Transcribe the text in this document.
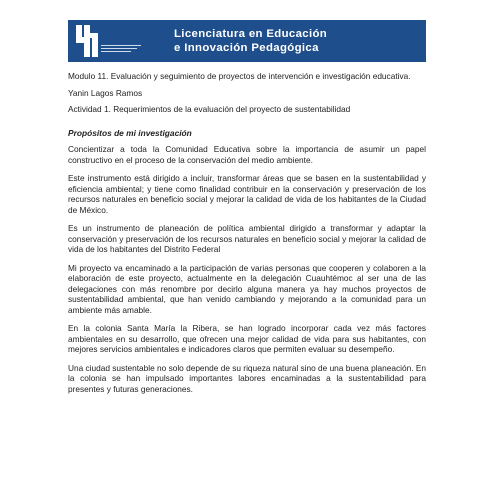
Licenciatura en Educación
e Innovación Pedagógica

Modulo 11. Evaluación y seguimiento de proyectos de intervención e investigación educativa.

Yanin Lagos Ramos

Actividad 1. Requerimientos de la evaluación del proyecto de sustentabilidad

Propósitos de mi investigación

Concientizar a toda la Comunidad Educativa sobre la importancia de asumir un papel constructivo en el proceso de la conservación del medio ambiente.

Este instrumento está dirigido a incluir, transformar áreas que se basen en la sustentabilidad y eficiencia ambiental; y tiene como finalidad contribuir en la conservación y preservación de los recursos naturales en beneficio social y mejorar la calidad de vida de los habitantes de la Ciudad de México.

Es un instrumento de planeación de política ambiental dirigido a transformar y adaptar la conservación y preservación de los recursos naturales en beneficio social y mejorar la calidad de vida de los habitantes del Distrito Federal

Mi proyecto va encaminado a la participación de varias personas que cooperen y colaboren a la elaboración de este proyecto, actualmente en la delegación Cuauhtémoc al ser una de las delegaciones con más renombre por decirlo alguna manera ya hay muchos proyectos de sustentabilidad ambiental, que han venido cambiando y mejorando a la comunidad para un ambiente más amable.

En la colonia Santa María la Ribera, se han logrado incorporar cada vez más factores ambientales en su desarrollo, que ofrecen una mejor calidad de vida para sus habitantes, con mejores servicios ambientales e indicadores claros que permiten evaluar su desempeño.

Una ciudad sustentable no solo depende de su riqueza natural sino de una buena planeación. En la colonia se han impulsado importantes labores encaminadas a la sustentabilidad para presentes y futuras generaciones.
